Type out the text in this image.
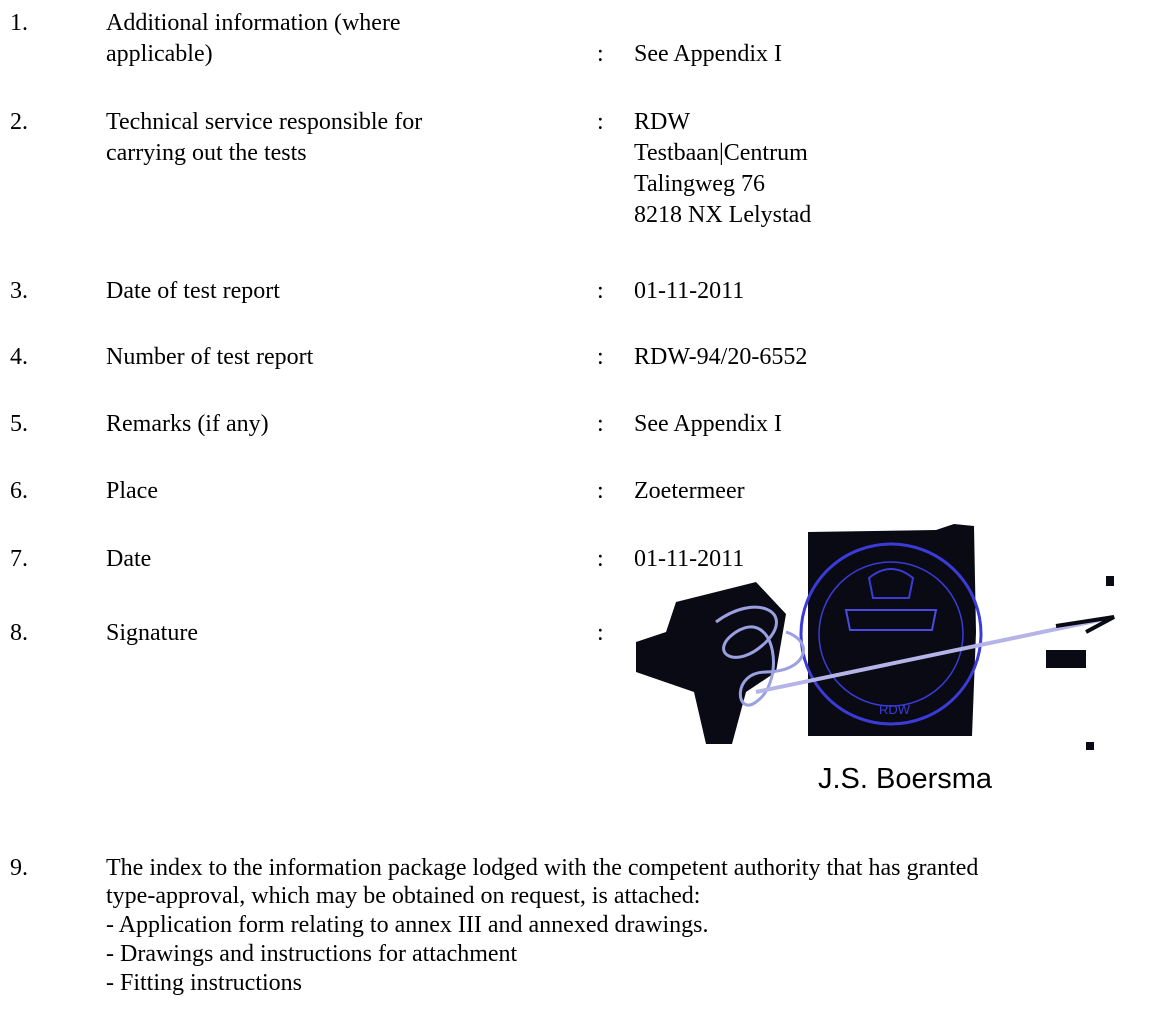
1.	Additional information (where
applicable)	: See Appendix I
2.	Technical service responsible for
carrying out the tests
: RDW
Testbaan|Centrum
Talingweg 76
8218 NX Lelystad
3.	Date of test report	: 01-11-2011
4.	Number of test report	: RDW-94/20-6552
5.	Remarks (if any)	: See Appendix I
6.	Place	: Zoetermeer
RDW
7.	Date	: 01-11-2011
8.	Signature	:
J.S. Boersma
9.	The index to the information package lodged with the competent authority that has granted
type-approval, which may be obtained on request, is attached:
- Application form relating to annex III and annexed drawings.
- Drawings and instructions for attachment
- Fitting instructions
